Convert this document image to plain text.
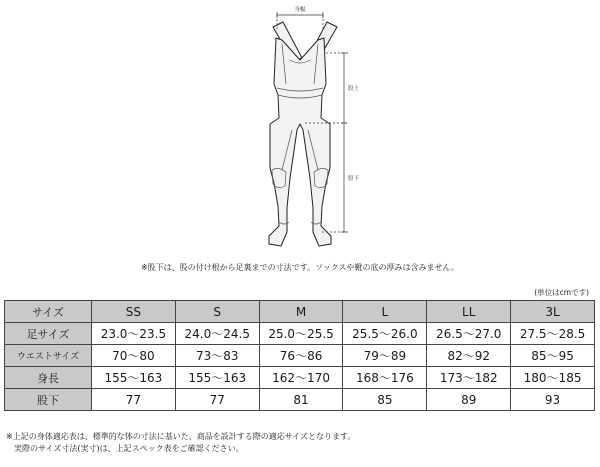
身幅
股上
股下
※股下は、股の付け根から足裏までの寸法です。ソックスや靴の底の厚みは含みません。
(単位はcmです)
サイズ	SS	S	M	L	LL	3L
足サイズ	23.0〜23.5	24.0〜24.5	25.0〜25.5	25.5〜26.0	26.5〜27.0	27.5〜28.5
ウエストサイズ	70〜80	73〜83	76〜86	79〜89	82〜92	85〜95
身長	155〜163	155〜163	162〜170	168〜176	173〜182	180〜185
股下	77	77	81	85	89	93
※上記の身体適応表は、標準的な体の寸法に基いた、商品を設計する際の適応サイズとなります。
実際のサイズ寸法(実寸)は、上記スペック表をご確認ください。
